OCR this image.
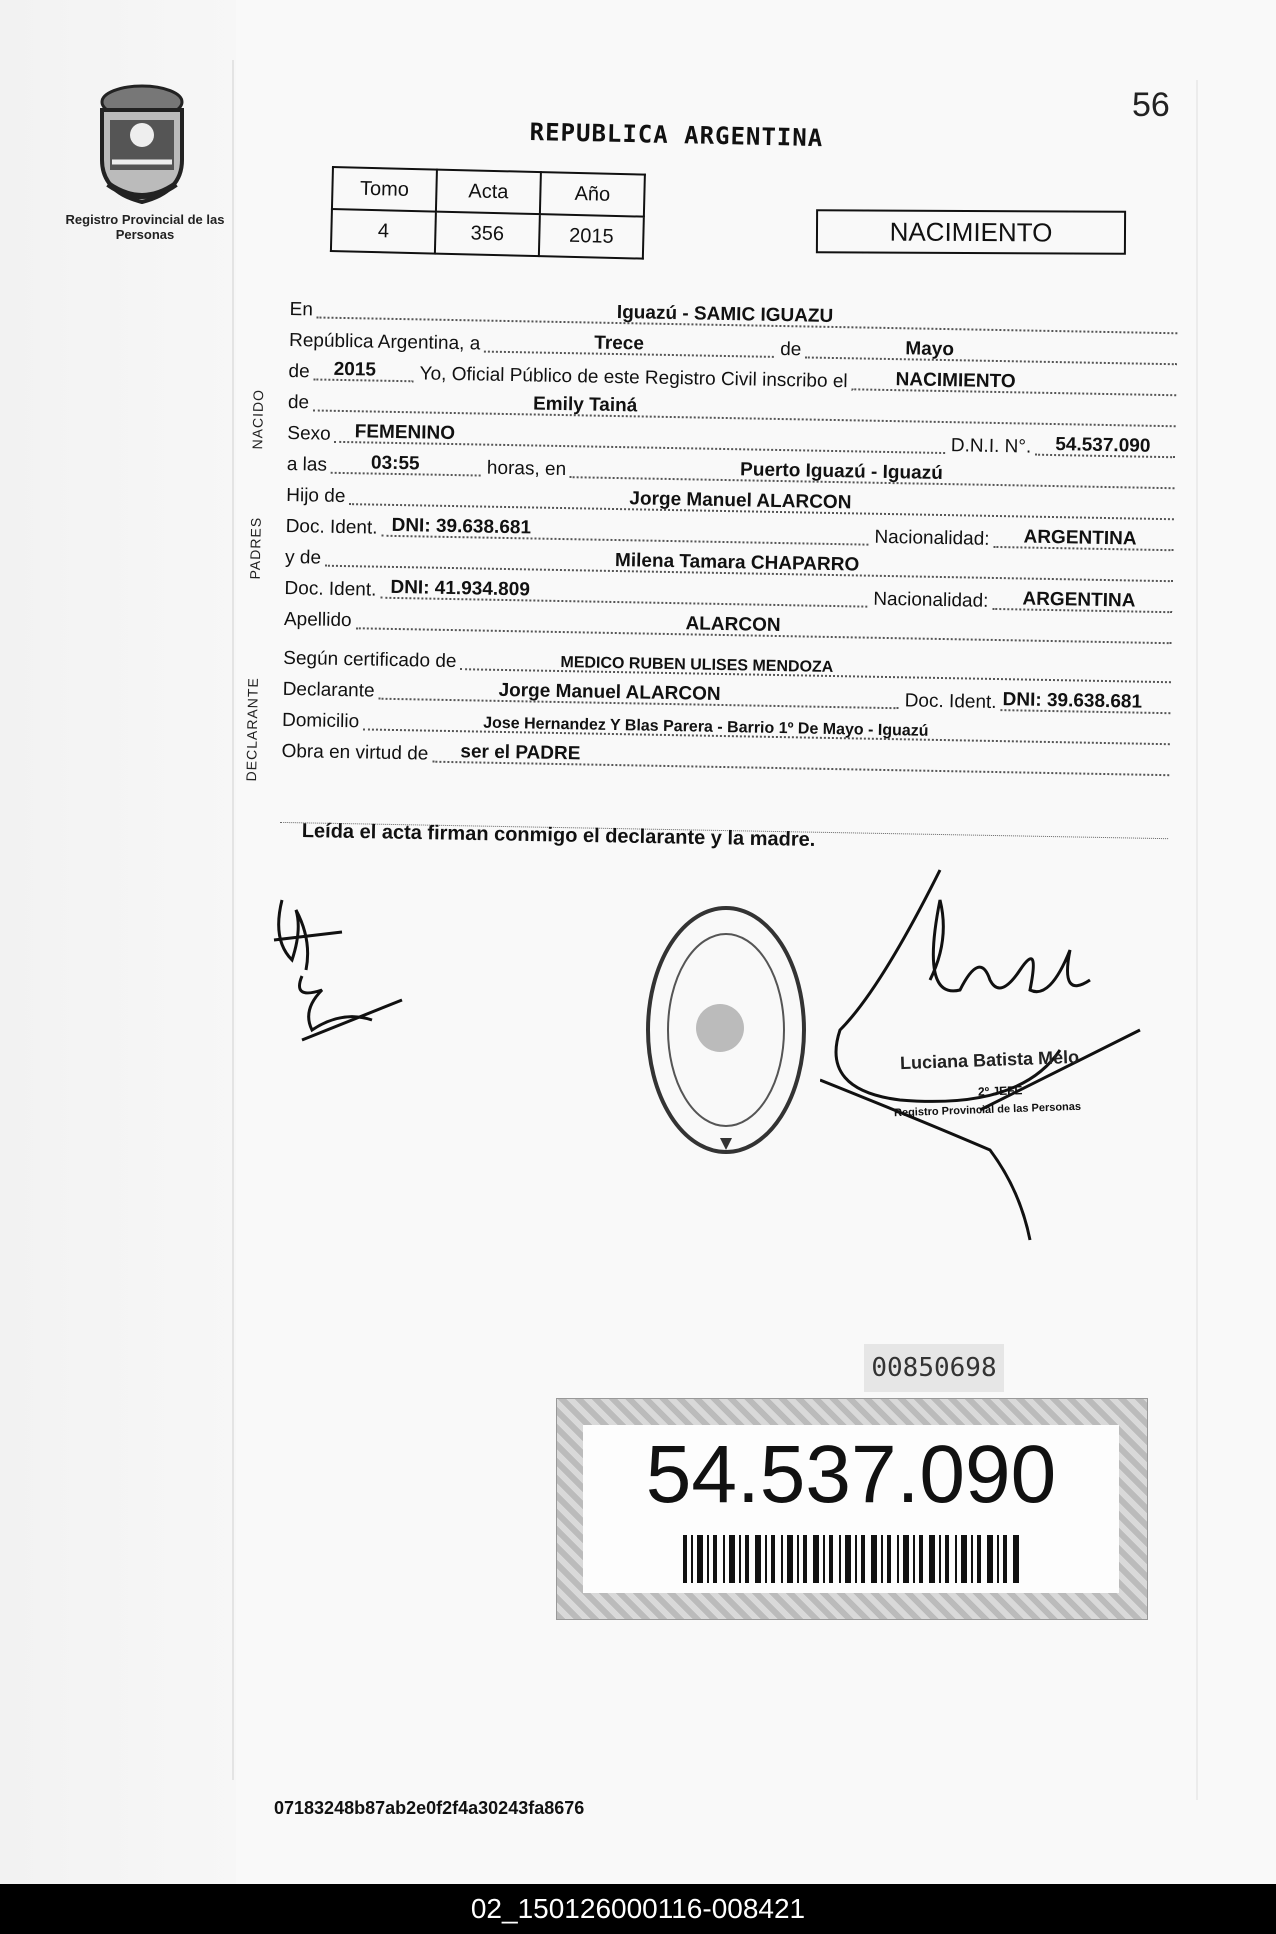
Registro Provincial de las Personas
56
REPUBLICA ARGENTINA
Tomo	Acta	Año
4	356	2015	NACIMIENTO
En	Iguazú - SAMIC IGUAZU
República Argentina, a	Trece	de	Mayo
de 2015	Yo, Oficial Público de este Registro Civil inscribo el	NACIMIENTO
de	Emily Tainá
Sexo FEMENINO
D.N.I. N°. 54.537.090
a las 03:55	horas, en	Puerto Iguazú - Iguazú
Hijo de	Jorge Manuel ALARCON
Doc. Ident. DNI: 39.638.681	Nacionalidad: ARGENTINA
y de	Milena Tamara CHAPARRO
Doc. Ident. DNI: 41.934.809	Nacionalidad: ARGENTINA
Apellido	ALARCON
Según certificado de	MEDICO RUBEN ULISES MENDOZA
Declarante	Jorge Manuel ALARCON	Doc. Ident. DNI: 39.638.681
Domicilio	Jose Hernandez Y Blas Parera - Barrio 1º De Mayo - Iguazú
Obra en virtud de ser el PADRE
NACIDO
PADRES
DECLARANTE
Leída el acta firman conmigo el declarante y la madre.
Luciana Batista Melo
2º JEFE
Registro Provincial de las Personas
00850698
54.537.090
07183248b87ab2e0f2f4a30243fa8676
02_150126000116-008421
